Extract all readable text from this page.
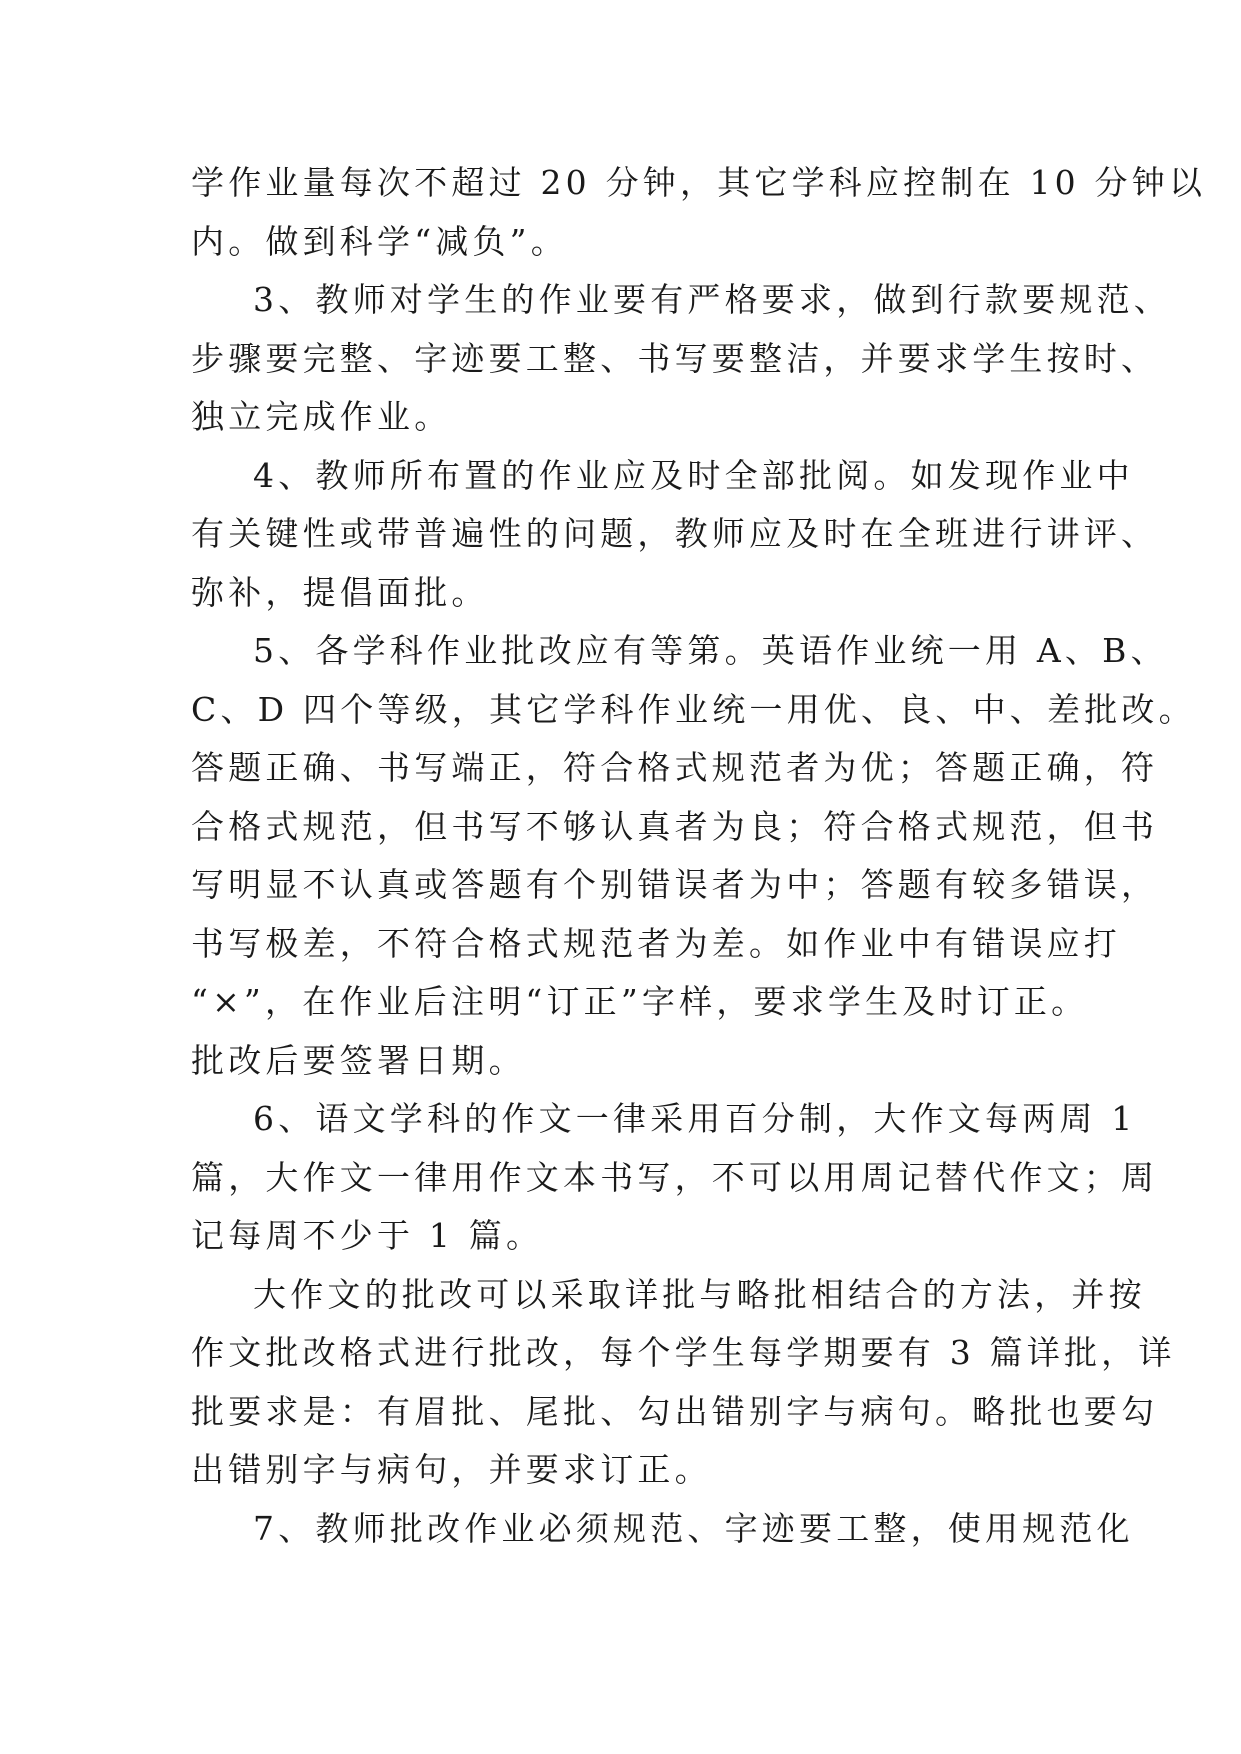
学作业量每次不超过 20 分钟，其它学科应控制在 10 分钟以
内。做到科学“减负”。
3、教师对学生的作业要有严格要求，做到行款要规范、
步骤要完整、字迹要工整、书写要整洁，并要求学生按时、
独立完成作业。
4、教师所布置的作业应及时全部批阅。如发现作业中
有关键性或带普遍性的问题，教师应及时在全班进行讲评、
弥补，提倡面批。
5、各学科作业批改应有等第。英语作业统一用 A、B、
C、D 四个等级，其它学科作业统一用优、良、中、差批改。
答题正确、书写端正，符合格式规范者为优；答题正确，符
合格式规范，但书写不够认真者为良；符合格式规范，但书
写明显不认真或答题有个别错误者为中；答题有较多错误，
书写极差，不符合格式规范者为差。如作业中有错误应打
“×”，在作业后注明“订正”字样，要求学生及时订正。
批改后要签署日期。
6、语文学科的作文一律采用百分制，大作文每两周 1
篇，大作文一律用作文本书写，不可以用周记替代作文；周
记每周不少于 1 篇。
大作文的批改可以采取详批与略批相结合的方法，并按
作文批改格式进行批改，每个学生每学期要有 3 篇详批，详
批要求是：有眉批、尾批、勾出错别字与病句。略批也要勾
出错别字与病句，并要求订正。
7、教师批改作业必须规范、字迹要工整，使用规范化
